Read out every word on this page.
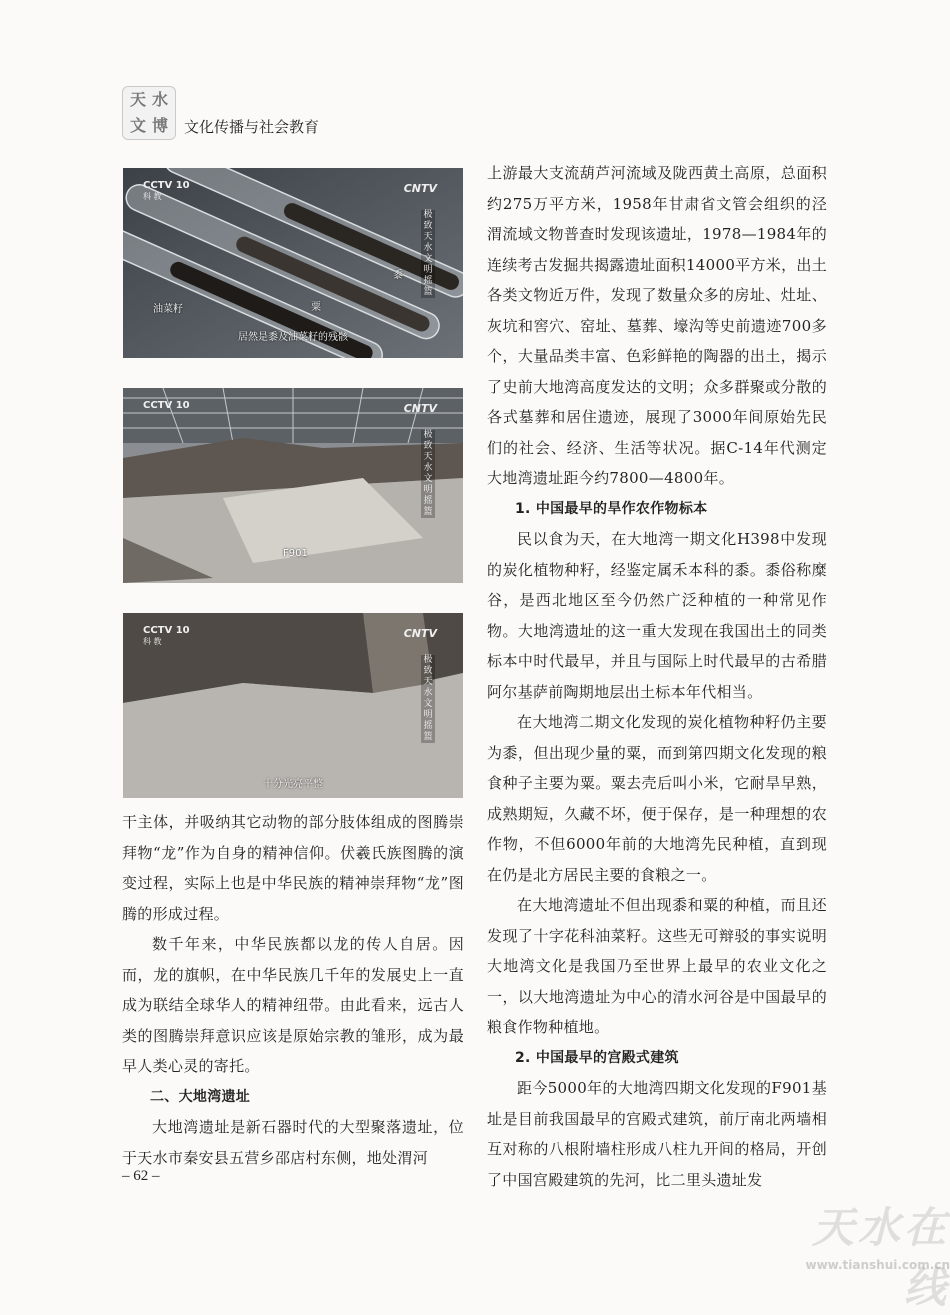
天 水
文 博 文化传播与社会教育
CCTV 10
科 教
CNTV
极致天水 文明摇篮
油菜籽
黍
粟
居然是黍及油菜籽的残骸
CCTV 10	CNTV
极致天水 文明摇篮
F901
CCTV 10
科 教
CNTV
极致天水 文明摇篮
十分光亮平整

干主体，并吸纳其它动物的部分肢体组成的图腾崇拜物“龙”作为自身的精神信仰。伏羲氏族图腾的演变过程，实际上也是中华民族的精神崇拜物“龙”图腾的形成过程。

数千年来，中华民族都以龙的传人自居。因而，龙的旗帜，在中华民族几千年的发展史上一直成为联结全球华人的精神纽带。由此看来，远古人类的图腾崇拜意识应该是原始宗教的雏形，成为最早人类心灵的寄托。

二、大地湾遗址

大地湾遗址是新石器时代的大型聚落遗址，位于天水市秦安县五营乡邵店村东侧，地处渭河

上游最大支流葫芦河流域及陇西黄土高原，总面积约275万平方米，1958年甘肃省文管会组织的泾渭流域文物普查时发现该遗址，1978—1984年的连续考古发掘共揭露遗址面积14000平方米，出土各类文物近万件，发现了数量众多的房址、灶址、灰坑和窖穴、窑址、墓葬、壕沟等史前遗迹700多个，大量品类丰富、色彩鲜艳的陶器的出土，揭示了史前大地湾高度发达的文明；众多群聚或分散的各式墓葬和居住遗迹，展现了3000年间原始先民们的社会、经济、生活等状况。据C-14年代测定大地湾遗址距今约7800—4800年。

1. 中国最早的旱作农作物标本

民以食为天，在大地湾一期文化H398中发现的炭化植物种籽，经鉴定属禾本科的黍。黍俗称糜谷，是西北地区至今仍然广泛种植的一种常见作物。大地湾遗址的这一重大发现在我国出土的同类标本中时代最早，并且与国际上时代最早的古希腊阿尔基萨前陶期地层出土标本年代相当。

在大地湾二期文化发现的炭化植物种籽仍主要为黍，但出现少量的粟，而到第四期文化发现的粮食种子主要为粟。粟去壳后叫小米，它耐旱早熟，成熟期短，久藏不坏，便于保存，是一种理想的农作物，不但6000年前的大地湾先民种植，直到现在仍是北方居民主要的食粮之一。

在大地湾遗址不但出现黍和粟的种植，而且还发现了十字花科油菜籽。这些无可辩驳的事实说明大地湾文化是我国乃至世界上最早的农业文化之一，以大地湾遗址为中心的清水河谷是中国最早的粮食作物种植地。

2. 中国最早的宫殿式建筑

距今5000年的大地湾四期文化发现的F901基址是目前我国最早的宫殿式建筑，前厅南北两墙相互对称的八根附墙柱形成八柱九开间的格局，开创了中国宫殿建筑的先河，比二里头遗址发

– 62 –
天水在线
www.tianshui.com.cn
